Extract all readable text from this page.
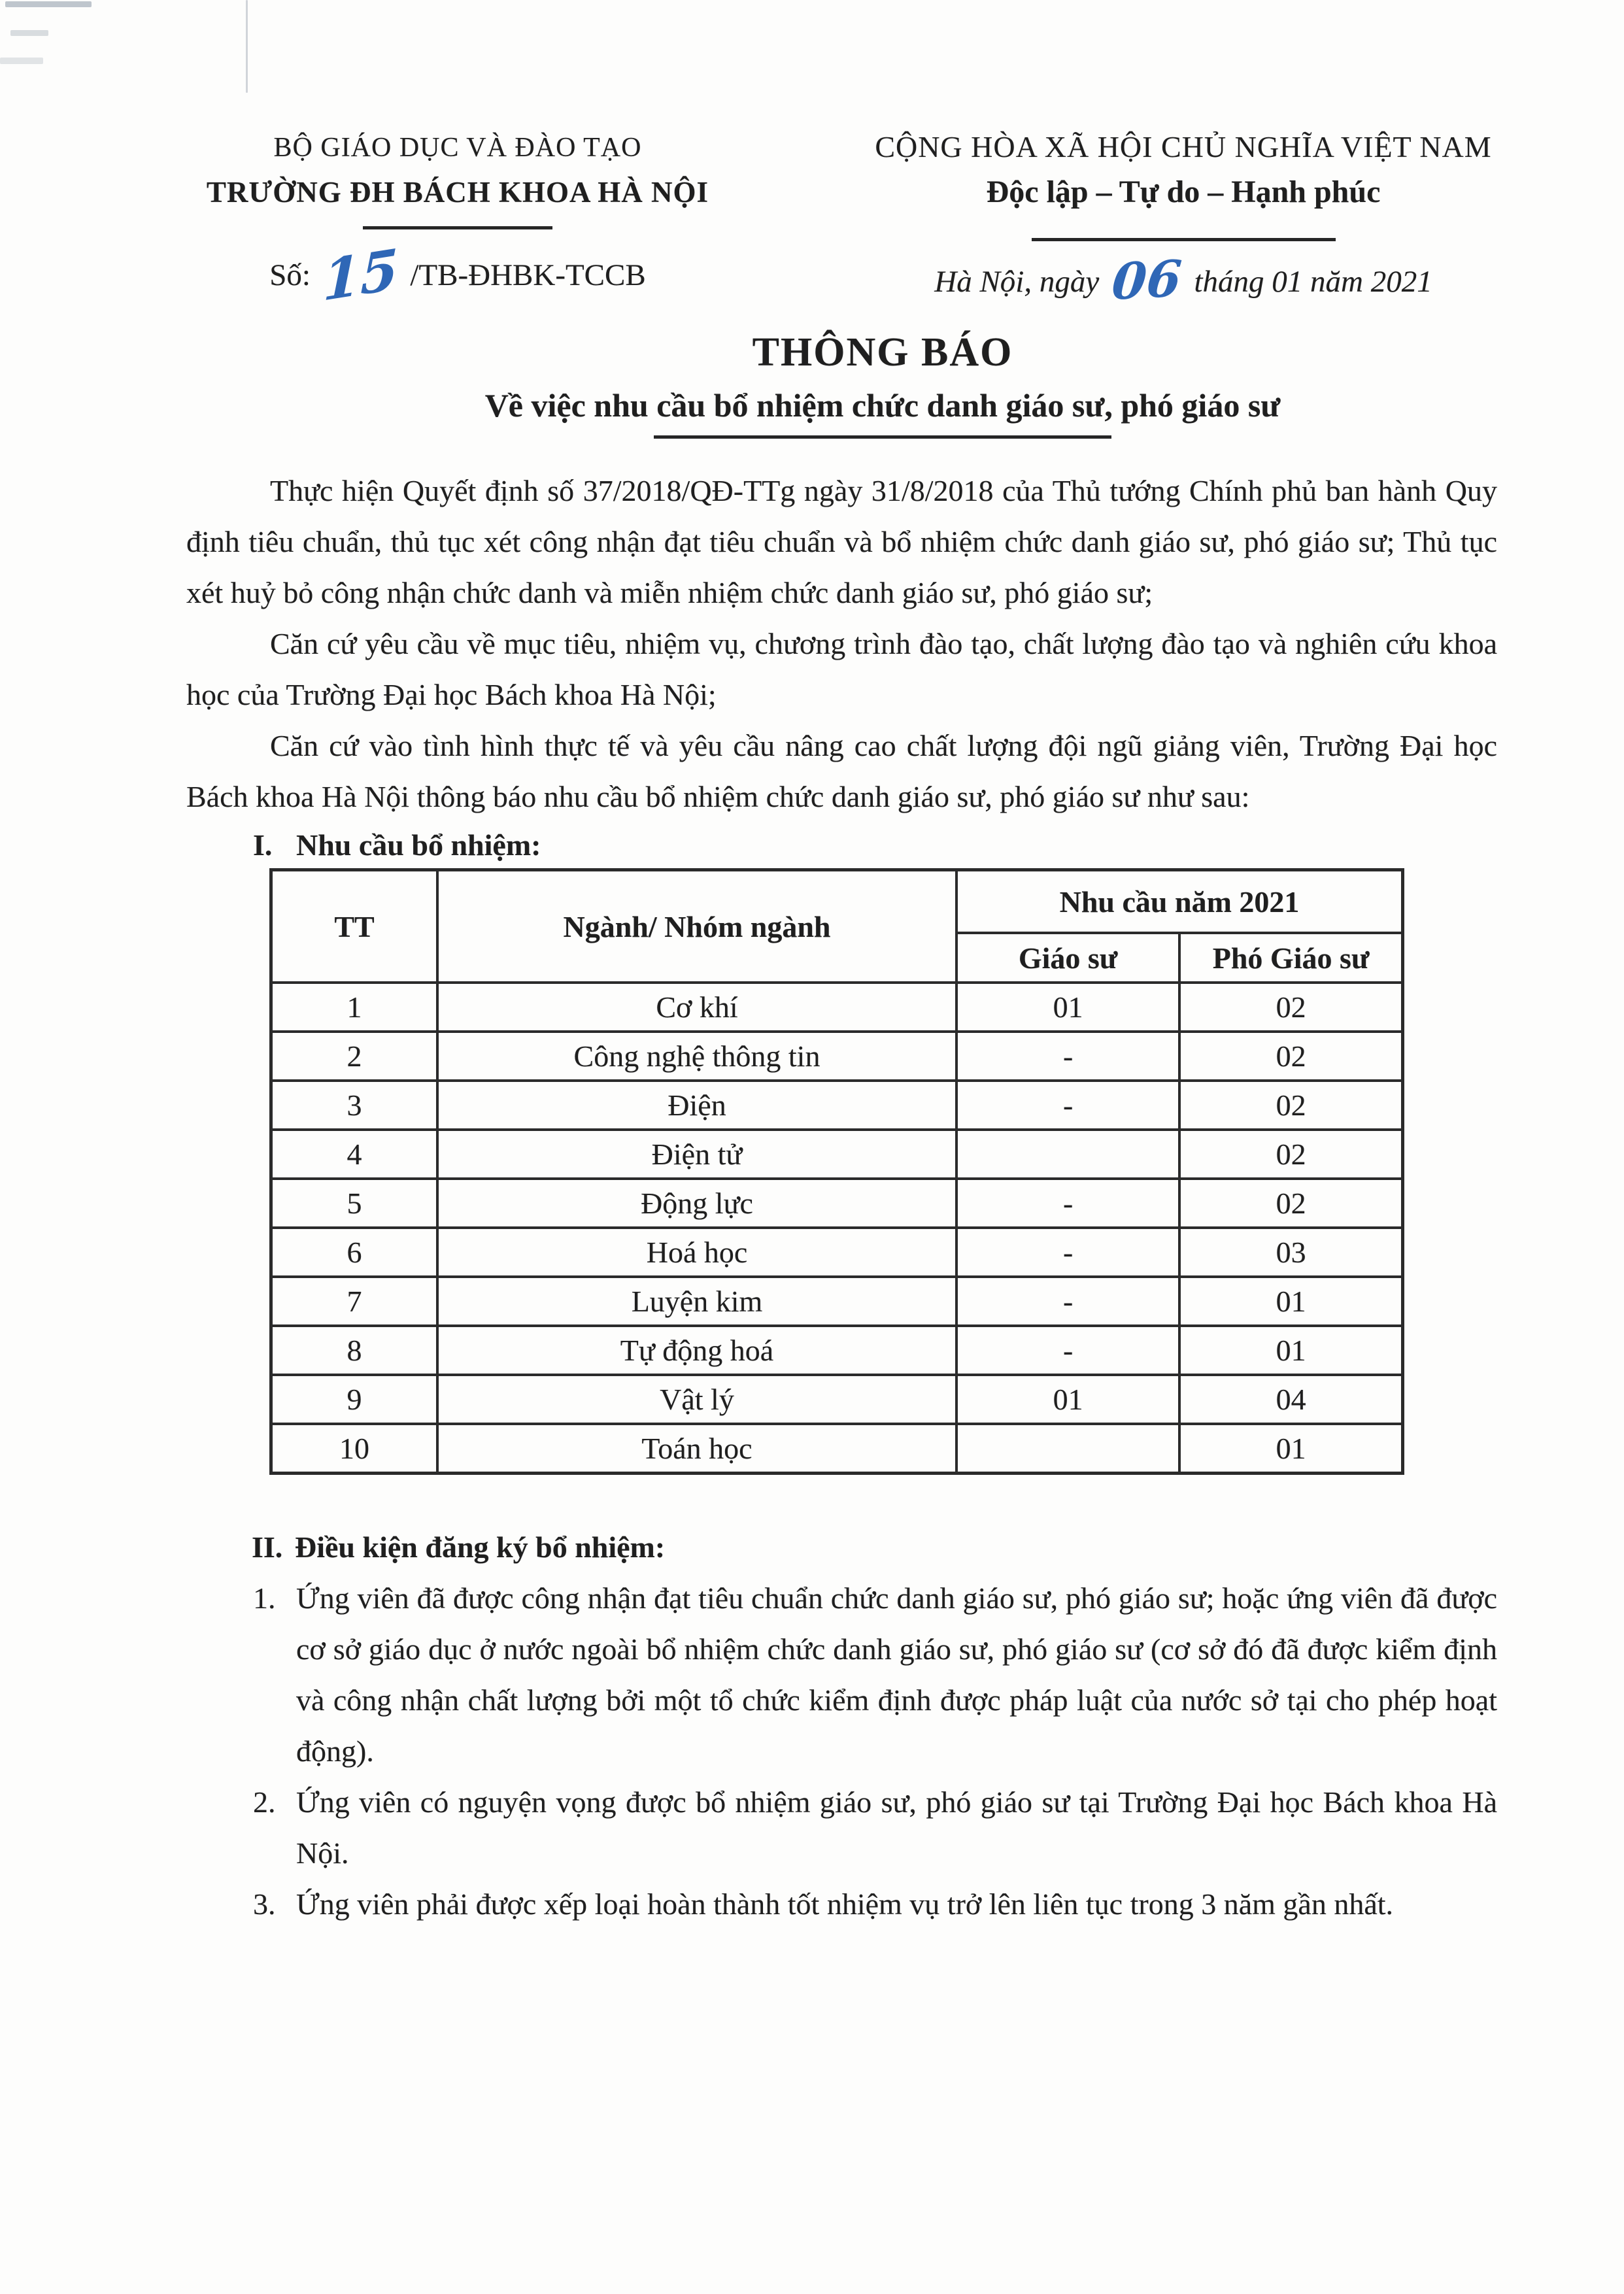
BỘ GIÁO DỤC VÀ ĐÀO TẠO
TRƯỜNG ĐH BÁCH KHOA HÀ NỘI
Số: 15 /TB-ĐHBK-TCCB
CỘNG HÒA XÃ HỘI CHỦ NGHĨA VIỆT NAM
Độc lập – Tự do – Hạnh phúc
Hà Nội, ngày 06 tháng 01 năm 2021
THÔNG BÁO
Về việc nhu cầu bổ nhiệm chức danh giáo sư, phó giáo sư

Thực hiện Quyết định số 37/2018/QĐ-TTg ngày 31/8/2018 của Thủ tướng Chính phủ ban hành Quy định tiêu chuẩn, thủ tục xét công nhận đạt tiêu chuẩn và bổ nhiệm chức danh giáo sư, phó giáo sư; Thủ tục xét huỷ bỏ công nhận chức danh và miễn nhiệm chức danh giáo sư, phó giáo sư;

Căn cứ yêu cầu về mục tiêu, nhiệm vụ, chương trình đào tạo, chất lượng đào tạo và nghiên cứu khoa học của Trường Đại học Bách khoa Hà Nội;

Căn cứ vào tình hình thực tế và yêu cầu nâng cao chất lượng đội ngũ giảng viên, Trường Đại học Bách khoa Hà Nội thông báo nhu cầu bổ nhiệm chức danh giáo sư, phó giáo sư như sau:

I. Nhu cầu bổ nhiệm:
TT	Ngành/ Nhóm ngành	Nhu cầu năm 2021	
		Giáo sư	Phó Giáo sư
1	Cơ khí	01	02
2	Công nghệ thông tin	-	02
3	Điện	-	02
4	Điện tử		02
5	Động lực	-	02
6	Hoá học	-	03
7	Luyện kim	-	01
8	Tự động hoá	-	01
9	Vật lý	01	04
10	Toán học		01
II. Điều kiện đăng ký bổ nhiệm:
1. Ứng viên đã được công nhận đạt tiêu chuẩn chức danh giáo sư, phó giáo sư; hoặc ứng viên đã được cơ sở giáo dục ở nước ngoài bổ nhiệm chức danh giáo sư, phó giáo sư (cơ sở đó đã được kiểm định và công nhận chất lượng bởi một tổ chức kiểm định được pháp luật của nước sở tại cho phép hoạt động).

2. Ứng viên có nguyện vọng được bổ nhiệm giáo sư, phó giáo sư tại Trường Đại học Bách khoa Hà Nội.

3. Ứng viên phải được xếp loại hoàn thành tốt nhiệm vụ trở lên liên tục trong 3 năm gần nhất.
